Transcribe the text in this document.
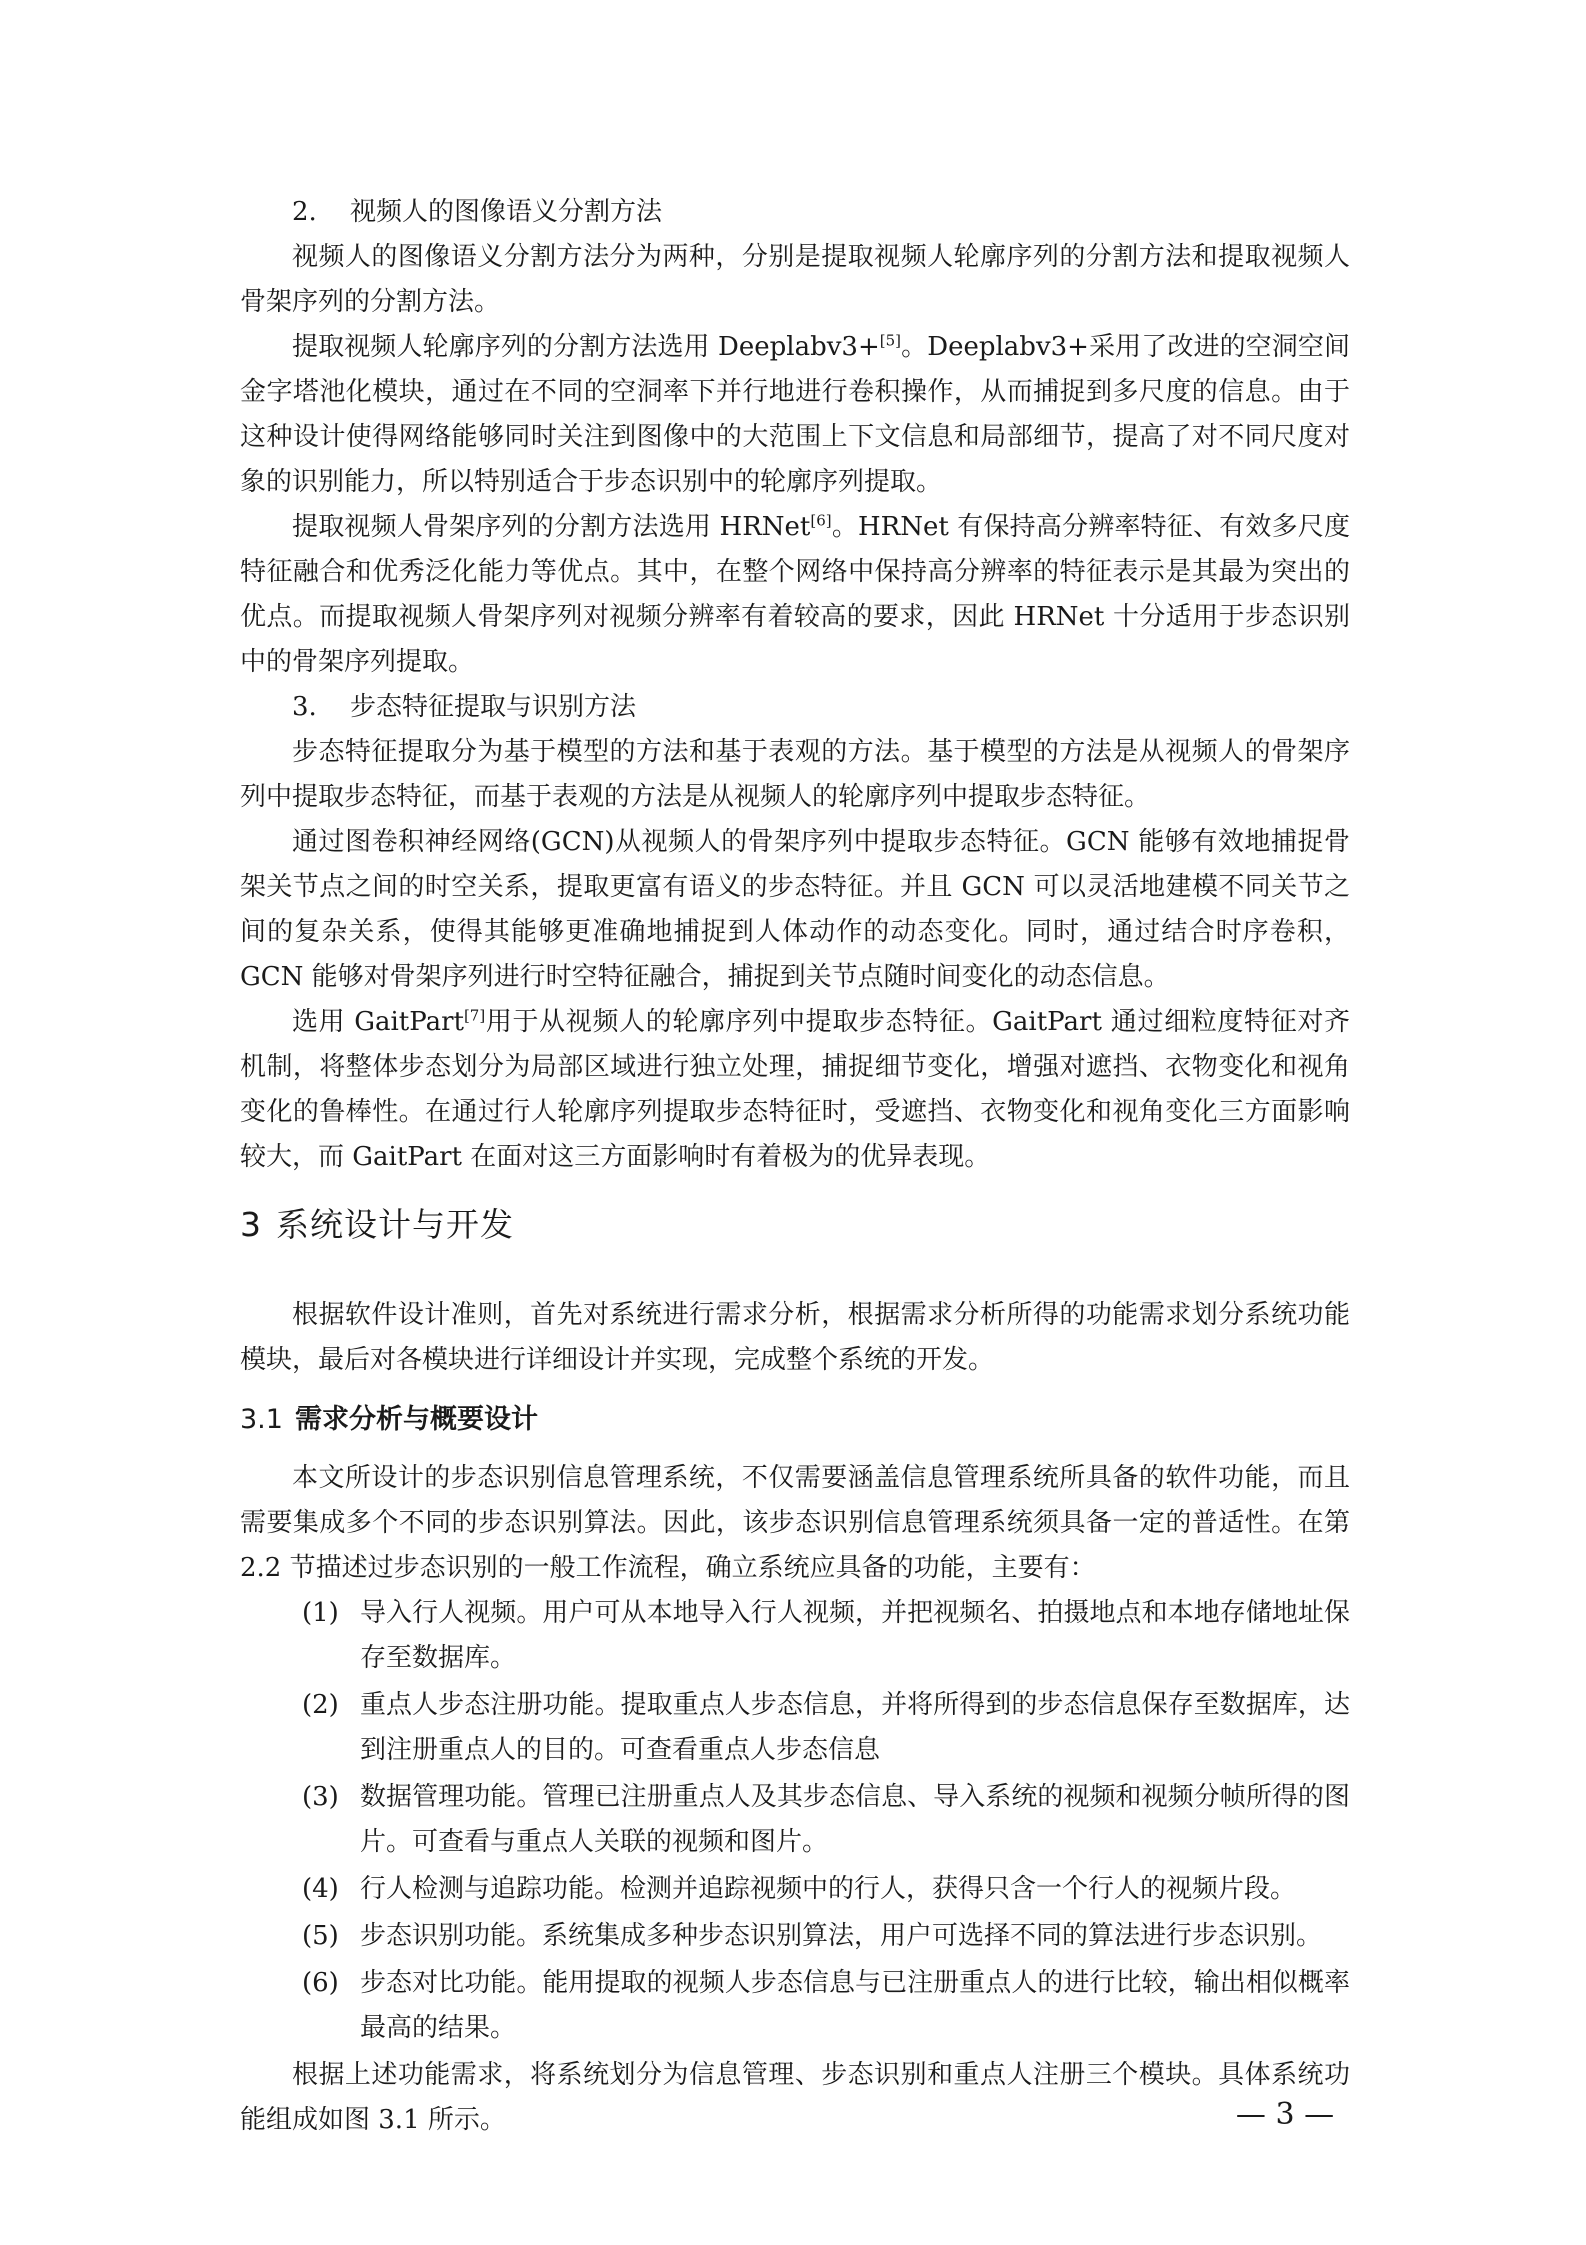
2. 视频人的图像语义分割方法

视频人的图像语义分割方法分为两种，分别是提取视频人轮廓序列的分割方法和提取视频人骨架序列的分割方法。

提取视频人轮廓序列的分割方法选用 Deeplabv3+[5]。Deeplabv3+采用了改进的空洞空间金字塔池化模块，通过在不同的空洞率下并行地进行卷积操作，从而捕捉到多尺度的信息。由于这种设计使得网络能够同时关注到图像中的大范围上下文信息和局部细节，提高了对不同尺度对象的识别能力，所以特别适合于步态识别中的轮廓序列提取。

提取视频人骨架序列的分割方法选用 HRNet[6]。HRNet 有保持高分辨率特征、有效多尺度特征融合和优秀泛化能力等优点。其中，在整个网络中保持高分辨率的特征表示是其最为突出的优点。而提取视频人骨架序列对视频分辨率有着较高的要求，因此 HRNet 十分适用于步态识别中的骨架序列提取。

3. 步态特征提取与识别方法

步态特征提取分为基于模型的方法和基于表观的方法。基于模型的方法是从视频人的骨架序列中提取步态特征，而基于表观的方法是从视频人的轮廓序列中提取步态特征。

通过图卷积神经网络(GCN)从视频人的骨架序列中提取步态特征。GCN 能够有效地捕捉骨架关节点之间的时空关系，提取更富有语义的步态特征。并且 GCN 可以灵活地建模不同关节之间的复杂关系，使得其能够更准确地捕捉到人体动作的动态变化。同时，通过结合时序卷积，GCN 能够对骨架序列进行时空特征融合，捕捉到关节点随时间变化的动态信息。

选用 GaitPart[7]用于从视频人的轮廓序列中提取步态特征。GaitPart 通过细粒度特征对齐机制，将整体步态划分为局部区域进行独立处理，捕捉细节变化，增强对遮挡、衣物变化和视角变化的鲁棒性。在通过行人轮廓序列提取步态特征时，受遮挡、衣物变化和视角变化三方面影响较大，而 GaitPart 在面对这三方面影响时有着极为的优异表现。

3 系统设计与开发

根据软件设计准则，首先对系统进行需求分析，根据需求分析所得的功能需求划分系统功能模块，最后对各模块进行详细设计并实现，完成整个系统的开发。

3.1 需求分析与概要设计

本文所设计的步态识别信息管理系统，不仅需要涵盖信息管理系统所具备的软件功能，而且需要集成多个不同的步态识别算法。因此，该步态识别信息管理系统须具备一定的普适性。在第 2.2 节描述过步态识别的一般工作流程，确立系统应具备的功能，主要有：

(1) 导入行人视频。用户可从本地导入行人视频，并把视频名、拍摄地点和本地存储地址保存至数据库。
(2) 重点人步态注册功能。提取重点人步态信息，并将所得到的步态信息保存至数据库，达到注册重点人的目的。可查看重点人步态信息
(3) 数据管理功能。管理已注册重点人及其步态信息、导入系统的视频和视频分帧所得的图片。可查看与重点人关联的视频和图片。
(4) 行人检测与追踪功能。检测并追踪视频中的行人，获得只含一个行人的视频片段。
(5) 步态识别功能。系统集成多种步态识别算法，用户可选择不同的算法进行步态识别。
(6) 步态对比功能。能用提取的视频人步态信息与已注册重点人的进行比较，输出相似概率最高的结果。

根据上述功能需求，将系统划分为信息管理、步态识别和重点人注册三个模块。具体系统功能组成如图 3.1 所示。	— 3 —
